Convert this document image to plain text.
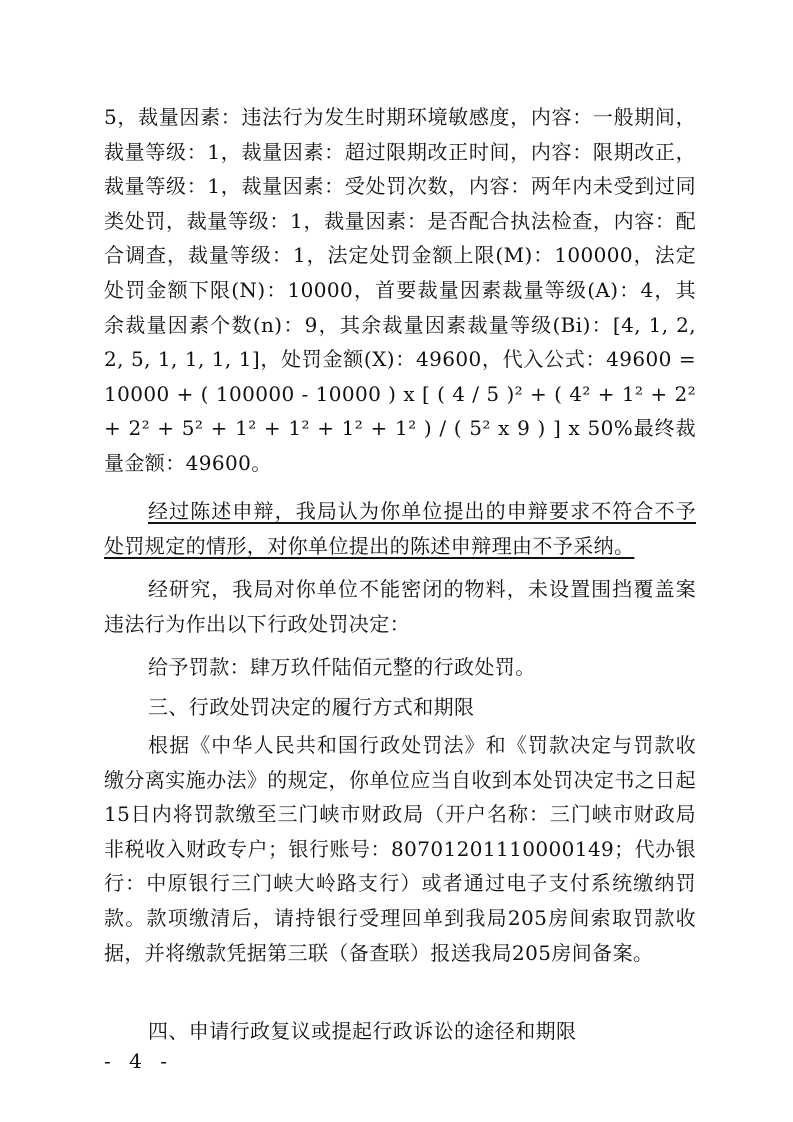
5，裁量因素：违法行为发生时期环境敏感度，内容：一般期间，裁量等级：1，裁量因素：超过限期改正时间，内容：限期改正，裁量等级：1，裁量因素：受处罚次数，内容：两年内未受到过同类处罚，裁量等级：1，裁量因素：是否配合执法检查，内容：配合调查，裁量等级：1，法定处罚金额上限(M)：100000，法定处罚金额下限(N)：10000，首要裁量因素裁量等级(A)：4，其余裁量因素个数(n)：9，其余裁量因素裁量等级(Bi)：[4, 1, 2, 2, 5, 1, 1, 1, 1]，处罚金额(X)：49600，代入公式：49600 = 10000 + ( 100000 - 10000 ) x [ ( 4 / 5 )² + ( 4² + 1² + 2² + 2² + 5² + 1² + 1² + 1² + 1² ) / ( 5² x 9 ) ] x 50%最终裁量金额：49600。

经过陈述申辩，我局认为你单位提出的申辩要求不符合不予处罚规定的情形，对你单位提出的陈述申辩理由不予采纳。

经研究，我局对你单位不能密闭的物料，未设置围挡覆盖案违法行为作出以下行政处罚决定：

给予罚款：肆万玖仟陆佰元整的行政处罚。

三、行政处罚决定的履行方式和期限

根据《中华人民共和国行政处罚法》和《罚款决定与罚款收缴分离实施办法》的规定，你单位应当自收到本处罚决定书之日起15日内将罚款缴至三门峡市财政局（开户名称：三门峡市财政局非税收入财政专户；银行账号：80701201110000149；代办银行：中原银行三门峡大岭路支行）或者通过电子支付系统缴纳罚款。款项缴清后，请持银行受理回单到我局205房间索取罚款收据，并将缴款凭据第三联（备查联）报送我局205房间备案。

四、申请行政复议或提起行政诉讼的途径和期限

- 4 -
